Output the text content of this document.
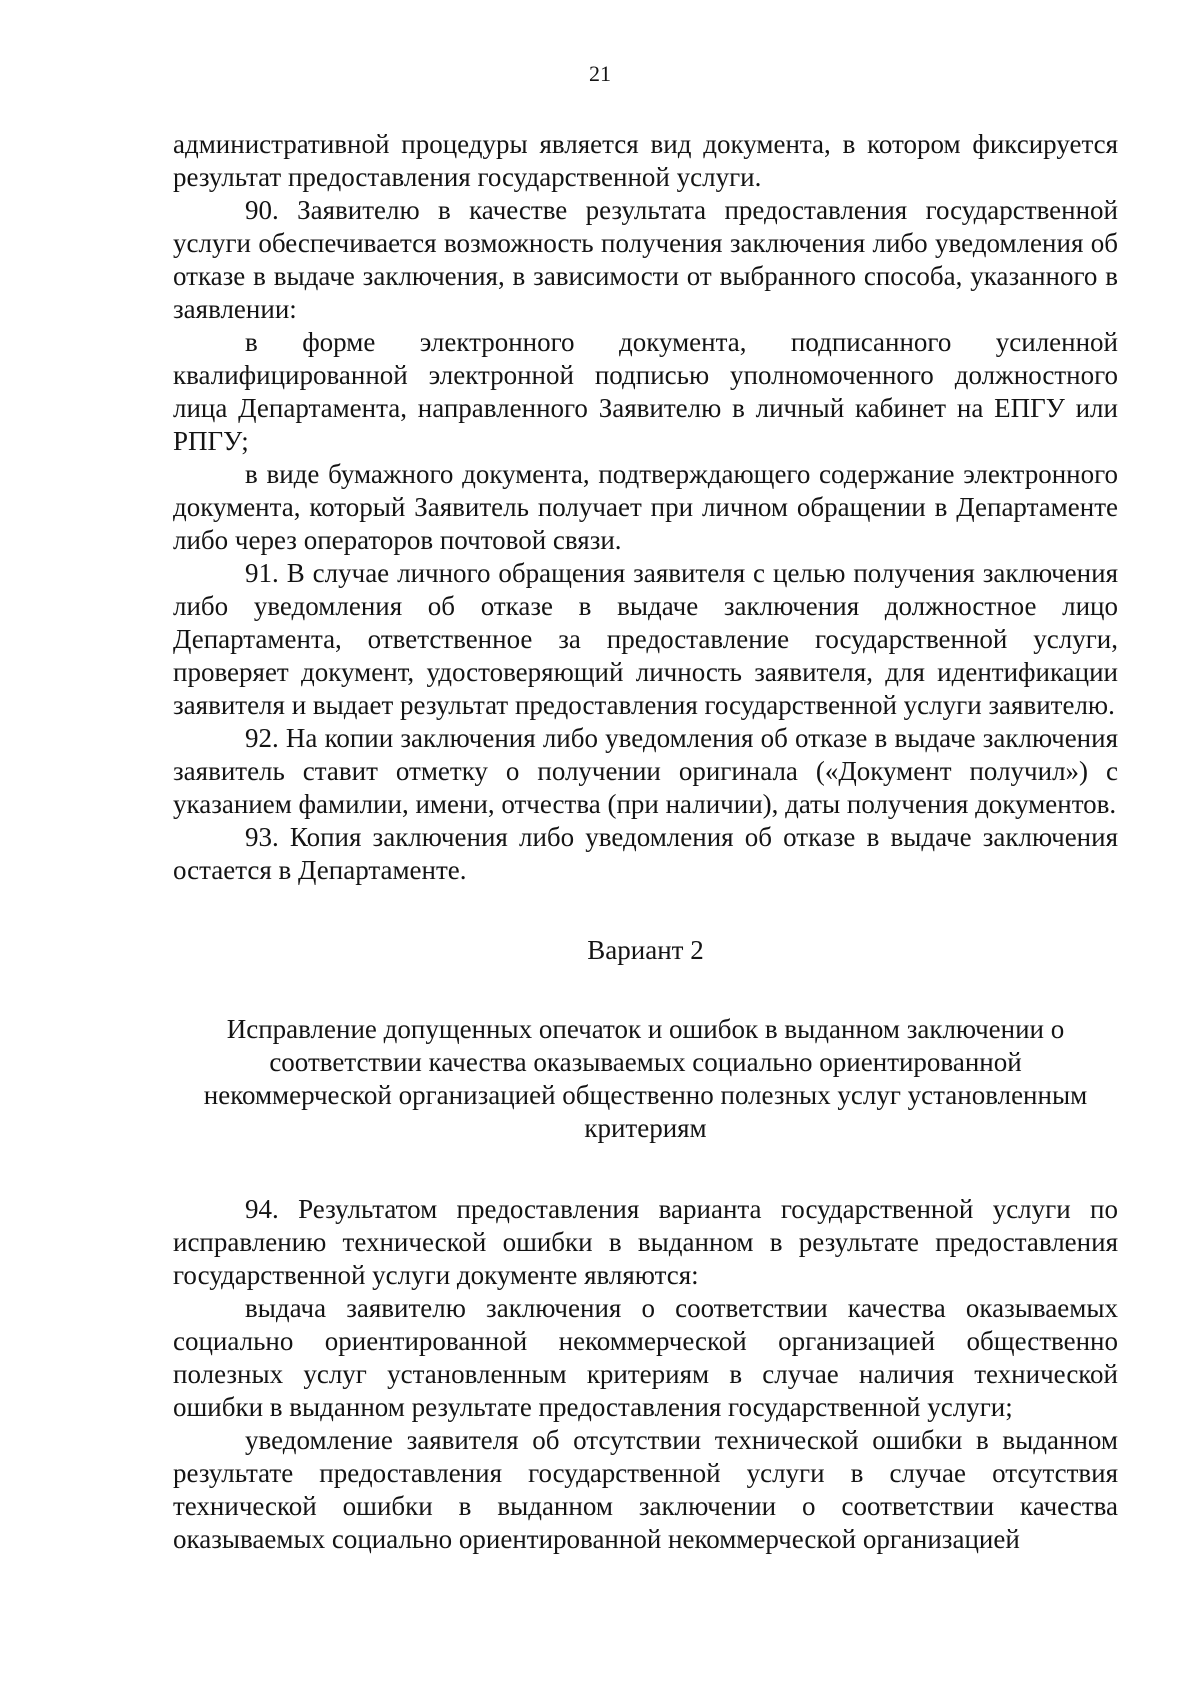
21

административной процедуры является вид документа, в котором фиксируется результат предоставления государственной услуги.

90. Заявителю в качестве результата предоставления государственной услуги обеспечивается возможность получения заключения либо уведомления об отказе в выдаче заключения, в зависимости от выбранного способа, указанного в заявлении:

в форме электронного документа, подписанного усиленной квалифицированной электронной подписью уполномоченного должностного лица Департамента, направленного Заявителю в личный кабинет на ЕПГУ или РПГУ;

в виде бумажного документа, подтверждающего содержание электронного документа, который Заявитель получает при личном обращении в Департаменте либо через операторов почтовой связи.

91. В случае личного обращения заявителя с целью получения заключения либо уведомления об отказе в выдаче заключения должностное лицо Департамента, ответственное за предоставление государственной услуги, проверяет документ, удостоверяющий личность заявителя, для идентификации заявителя и выдает результат предоставления государственной услуги заявителю.

92. На копии заключения либо уведомления об отказе в выдаче заключения заявитель ставит отметку о получении оригинала («Документ получил») с указанием фамилии, имени, отчества (при наличии), даты получения документов.

93. Копия заключения либо уведомления об отказе в выдаче заключения остается в Департаменте.

Вариант 2

Исправление допущенных опечаток и ошибок в выданном заключении о соответствии качества оказываемых социально ориентированной некоммерческой организацией общественно полезных услуг установленным критериям

94. Результатом предоставления варианта государственной услуги по исправлению технической ошибки в выданном в результате предоставления государственной услуги документе являются:

выдача заявителю заключения о соответствии качества оказываемых социально ориентированной некоммерческой организацией общественно полезных услуг установленным критериям в случае наличия технической ошибки в выданном результате предоставления государственной услуги;

уведомление заявителя об отсутствии технической ошибки в выданном результате предоставления государственной услуги в случае отсутствия технической ошибки в выданном заключении о соответствии качества оказываемых социально ориентированной некоммерческой организацией
